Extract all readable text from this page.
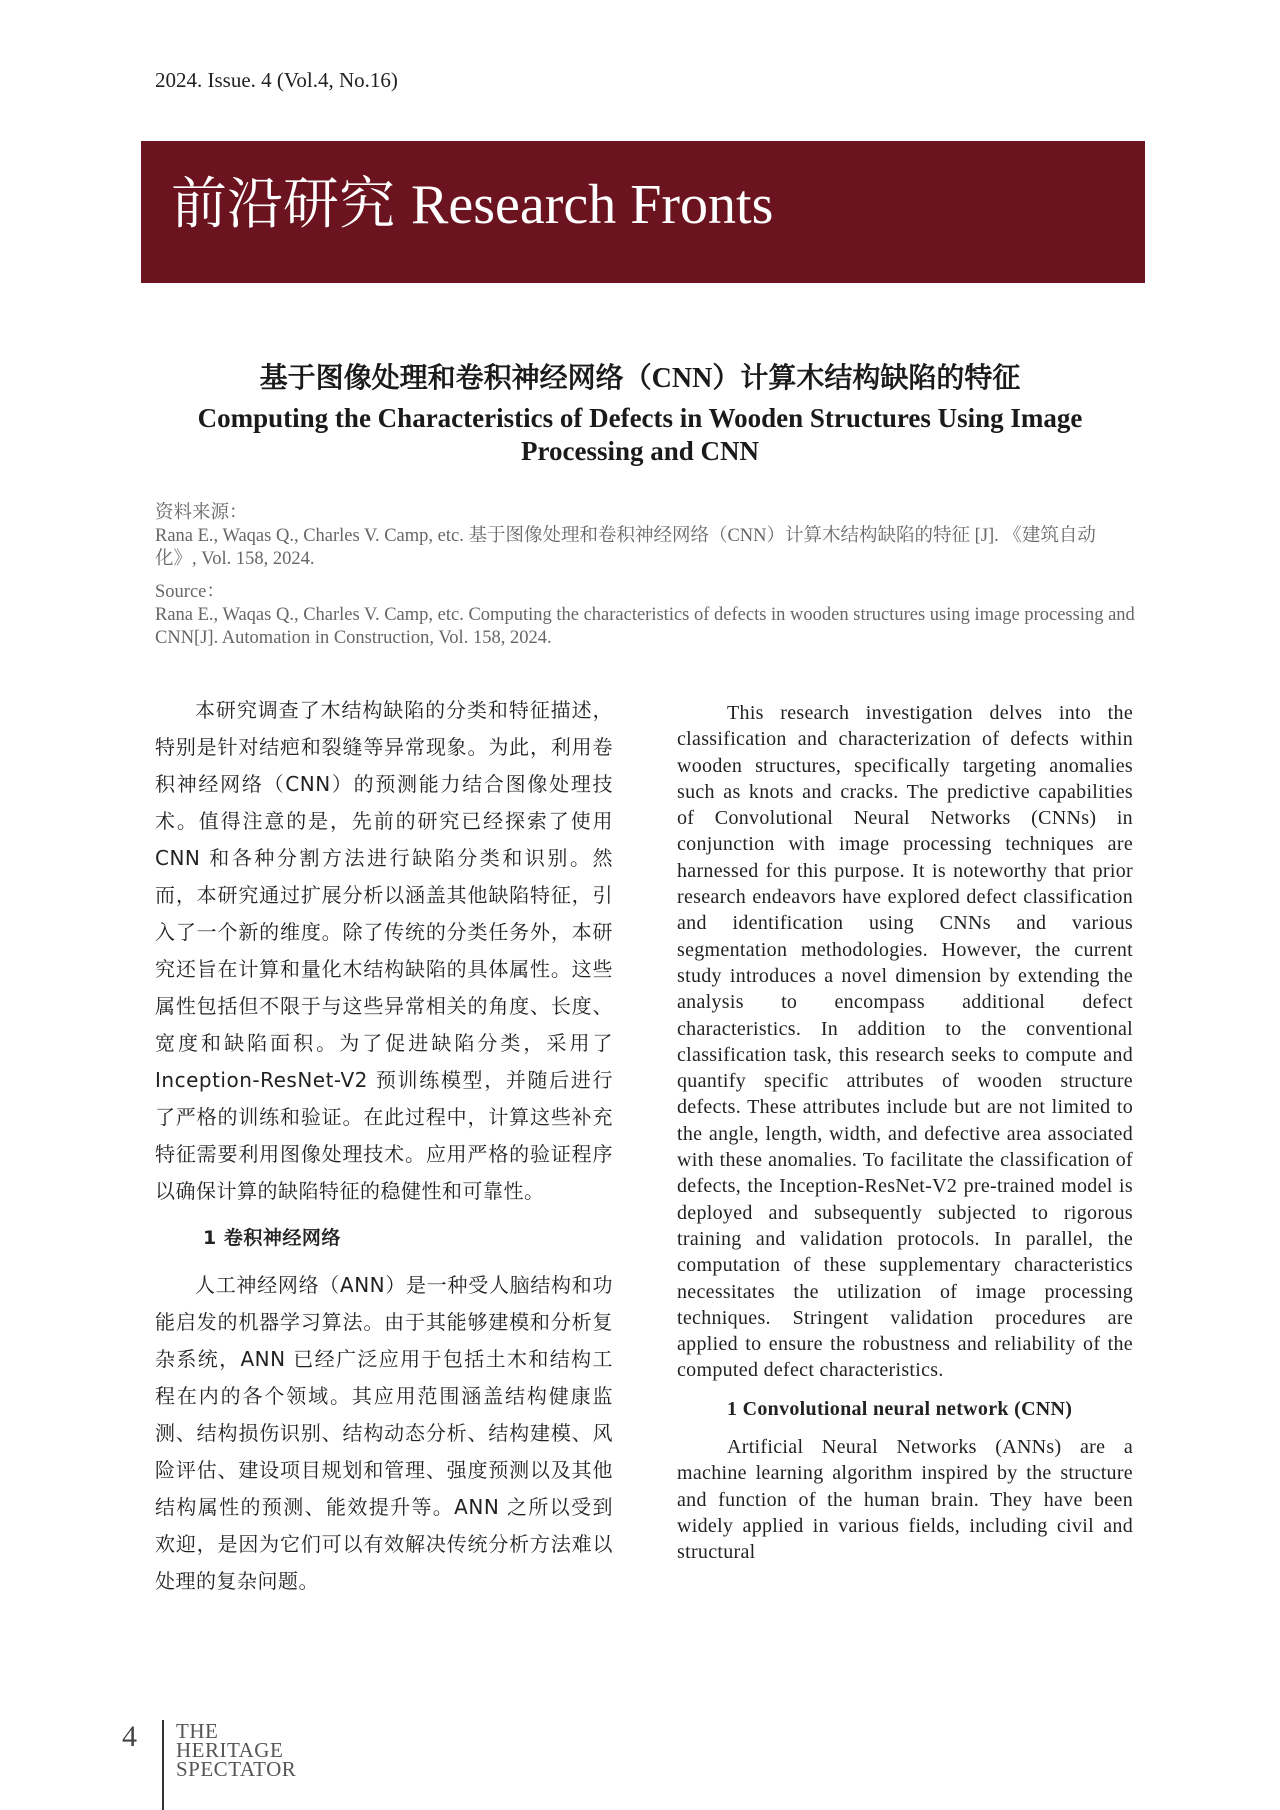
2024. Issue. 4 (Vol.4, No.16)
前沿研究 Research Fronts
基于图像处理和卷积神经网络（CNN）计算木结构缺陷的特征
Computing the Characteristics of Defects in Wooden Structures Using Image Processing and CNN
资料来源：
Rana E., Waqas Q., Charles V. Camp, etc. 基于图像处理和卷积神经网络（CNN）计算木结构缺陷的特征 [J]. 《建筑自动化》, Vol. 158, 2024.
Source：
Rana E., Waqas Q., Charles V. Camp, etc. Computing the characteristics of defects in wooden structures using image processing and CNN[J]. Automation in Construction, Vol. 158, 2024.

本研究调查了木结构缺陷的分类和特征描述，特别是针对结疤和裂缝等异常现象。为此，利用卷积神经网络（CNN）的预测能力结合图像处理技术。值得注意的是，先前的研究已经探索了使用 CNN 和各种分割方法进行缺陷分类和识别。然而，本研究通过扩展分析以涵盖其他缺陷特征，引入了一个新的维度。除了传统的分类任务外，本研究还旨在计算和量化木结构缺陷的具体属性。这些属性包括但不限于与这些异常相关的角度、长度、宽度和缺陷面积。为了促进缺陷分类，采用了 Inception-ResNet-V2 预训练模型，并随后进行了严格的训练和验证。在此过程中，计算这些补充特征需要利用图像处理技术。应用严格的验证程序以确保计算的缺陷特征的稳健性和可靠性。

1 卷积神经网络

人工神经网络（ANN）是一种受人脑结构和功能启发的机器学习算法。由于其能够建模和分析复杂系统，ANN 已经广泛应用于包括土木和结构工程在内的各个领域。其应用范围涵盖结构健康监测、结构损伤识别、结构动态分析、结构建模、风险评估、建设项目规划和管理、强度预测以及其他结构属性的预测、能效提升等。ANN 之所以受到欢迎，是因为它们可以有效解决传统分析方法难以处理的复杂问题。

This research investigation delves into the classification and characterization of defects within wooden structures, specifically targeting anomalies such as knots and cracks. The predictive capabilities of Convolutional Neural Networks (CNNs) in conjunction with image processing techniques are harnessed for this purpose. It is noteworthy that prior research endeavors have explored defect classification and identification using CNNs and various segmentation methodologies. However, the current study introduces a novel dimension by extending the analysis to encompass additional defect characteristics. In addition to the conventional classification task, this research seeks to compute and quantify specific attributes of wooden structure defects. These attributes include but are not limited to the angle, length, width, and defective area associated with these anomalies. To facilitate the classification of defects, the Inception-ResNet-V2 pre-trained model is deployed and subsequently subjected to rigorous training and validation protocols. In parallel, the computation of these supplementary characteristics necessitates the utilization of image processing techniques. Stringent validation procedures are applied to ensure the robustness and reliability of the computed defect characteristics.

1 Convolutional neural network (CNN)

Artificial Neural Networks (ANNs) are a machine learning algorithm inspired by the structure and function of the human brain. They have been widely applied in various fields, including civil and structural

4 THE
HERITAGE
SPECTATOR
